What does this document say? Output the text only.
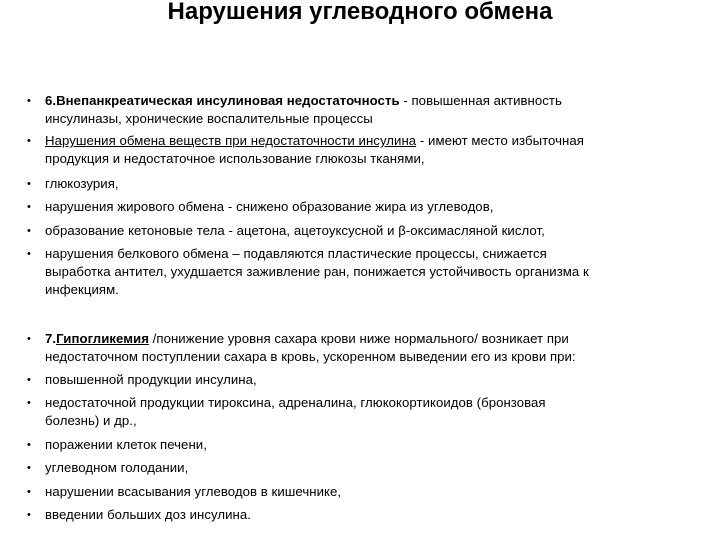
Нарушения углеводного обмена
• 6.Внепанкреатическая инсулиновая недостаточность - повышенная активность
инсулиназы, хронические воспалительные процессы
• Нарушения обмена веществ при недостаточности инсулина - имеют место избыточная
продукция и недостаточное использование глюкозы тканями,
• глюкозурия,
• нарушения жирового обмена - снижено образование жира из углеводов,
• образование кетоновые тела - ацетона, ацетоуксусной и β-оксимасляной кислот,
• нарушения белкового обмена – подавляются пластические процессы, снижается
выработка антител, ухудшается заживление ран, понижается устойчивость организма к
инфекциям.
• 7.Гипогликемия /понижение уровня сахара крови ниже нормального/ возникает при
недостаточном поступлении сахара в кровь, ускоренном выведении его из крови при:
• повышенной продукции инсулина,
• недостаточной продукции тироксина, адреналина, глюкокортикоидов (бронзовая
болезнь) и др.,
• поражении клеток печени,
• углеводном голодании,
• нарушении всасывания углеводов в кишечнике,
• введении больших доз инсулина.
